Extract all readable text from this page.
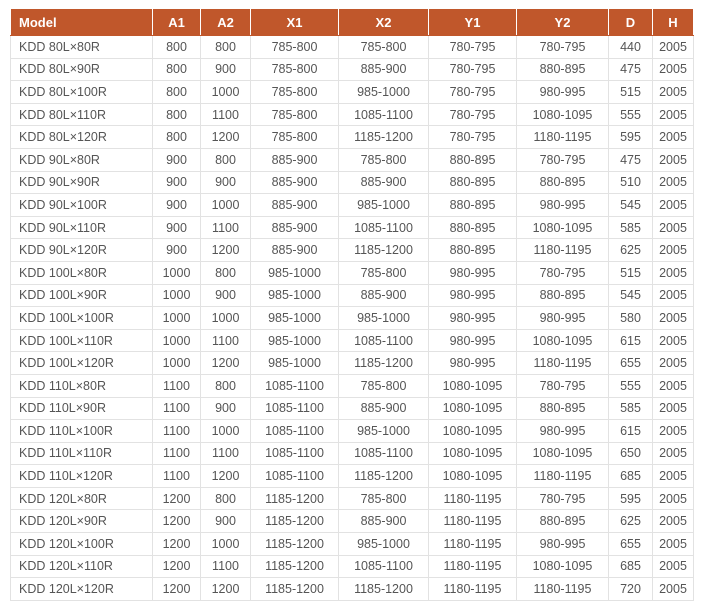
Model	A1	A2	X1	X2	Y1	Y2	D	H
KDD 80L×80R	800	800	785-800	785-800	780-795	780-795	440	2005
KDD 80L×90R	800	900	785-800	885-900	780-795	880-895	475	2005
KDD 80L×100R	800	1000	785-800	985-1000	780-795	980-995	515	2005
KDD 80L×110R	800	1100	785-800	1085-1100	780-795	1080-1095	555	2005
KDD 80L×120R	800	1200	785-800	1185-1200	780-795	1180-1195	595	2005
KDD 90L×80R	900	800	885-900	785-800	880-895	780-795	475	2005
KDD 90L×90R	900	900	885-900	885-900	880-895	880-895	510	2005
KDD 90L×100R	900	1000	885-900	985-1000	880-895	980-995	545	2005
KDD 90L×110R	900	1100	885-900	1085-1100	880-895	1080-1095	585	2005
KDD 90L×120R	900	1200	885-900	1185-1200	880-895	1180-1195	625	2005
KDD 100L×80R	1000	800	985-1000	785-800	980-995	780-795	515	2005
KDD 100L×90R	1000	900	985-1000	885-900	980-995	880-895	545	2005
KDD 100L×100R	1000	1000	985-1000	985-1000	980-995	980-995	580	2005
KDD 100L×110R	1000	1100	985-1000	1085-1100	980-995	1080-1095	615	2005
KDD 100L×120R	1000	1200	985-1000	1185-1200	980-995	1180-1195	655	2005
KDD 110L×80R	1100	800	1085-1100	785-800	1080-1095	780-795	555	2005
KDD 110L×90R	1100	900	1085-1100	885-900	1080-1095	880-895	585	2005
KDD 110L×100R	1100	1000	1085-1100	985-1000	1080-1095	980-995	615	2005
KDD 110L×110R	1100	1100	1085-1100	1085-1100	1080-1095	1080-1095	650	2005
KDD 110L×120R	1100	1200	1085-1100	1185-1200	1080-1095	1180-1195	685	2005
KDD 120L×80R	1200	800	1185-1200	785-800	1180-1195	780-795	595	2005
KDD 120L×90R	1200	900	1185-1200	885-900	1180-1195	880-895	625	2005
KDD 120L×100R	1200	1000	1185-1200	985-1000	1180-1195	980-995	655	2005
KDD 120L×110R	1200	1100	1185-1200	1085-1100	1180-1195	1080-1095	685	2005
KDD 120L×120R	1200	1200	1185-1200	1185-1200	1180-1195	1180-1195	720	2005
